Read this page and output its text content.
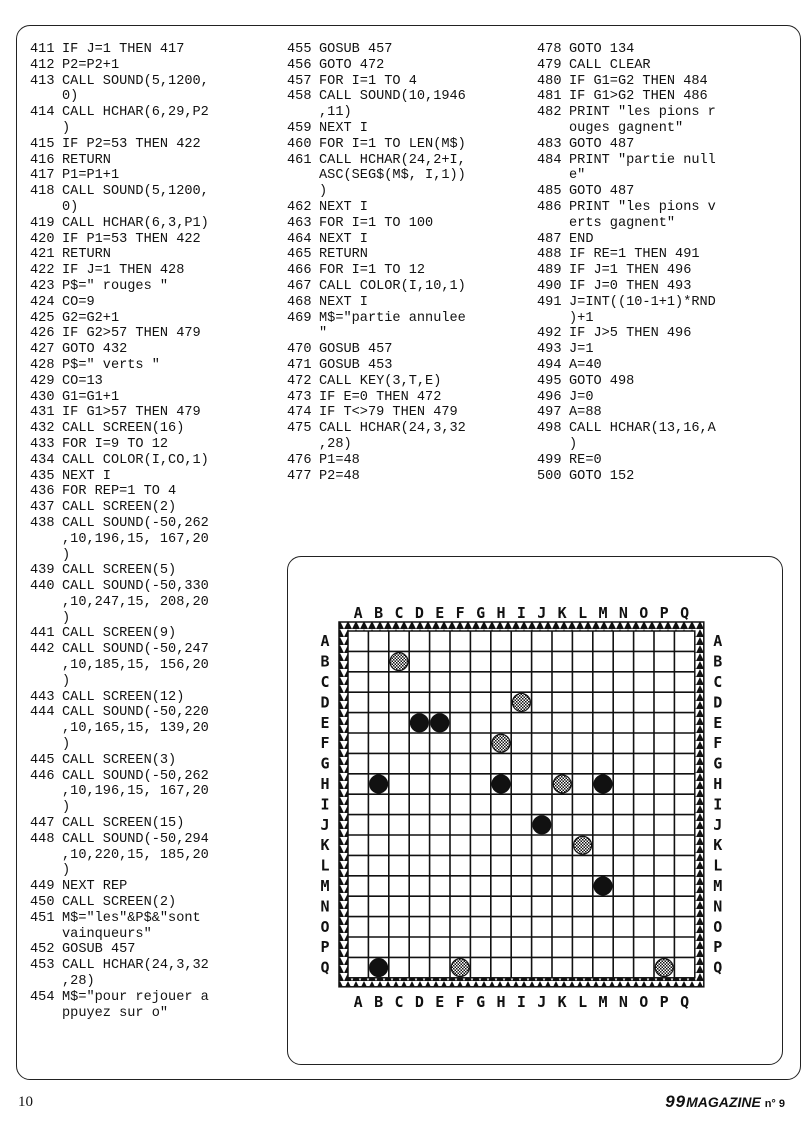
411 IF J=1 THEN 417
412 P2=P2+1
413 CALL SOUND(5,1200,
0)
414 CALL HCHAR(6,29,P2
)
415 IF P2=53 THEN 422
416 RETURN
417 P1=P1+1
418 CALL SOUND(5,1200,
0)
419 CALL HCHAR(6,3,P1)
420 IF P1=53 THEN 422
421 RETURN
422 IF J=1 THEN 428
423 P$=" rouges "
424 CO=9
425 G2=G2+1
426 IF G2>57 THEN 479
427 GOTO 432
428 P$=" verts "
429 CO=13
430 G1=G1+1
431 IF G1>57 THEN 479
432 CALL SCREEN(16)
433 FOR I=9 TO 12
434 CALL COLOR(I,CO,1)
435 NEXT I
436 FOR REP=1 TO 4
437 CALL SCREEN(2)
438 CALL SOUND(-50,262
,10,196,15, 167,20
)
439 CALL SCREEN(5)
440 CALL SOUND(-50,330
,10,247,15, 208,20
)
441 CALL SCREEN(9)
442 CALL SOUND(-50,247
,10,185,15, 156,20
)
443 CALL SCREEN(12)
444 CALL SOUND(-50,220
,10,165,15, 139,20
)
445 CALL SCREEN(3)
446 CALL SOUND(-50,262
,10,196,15, 167,20
)
447 CALL SCREEN(15)
448 CALL SOUND(-50,294
,10,220,15, 185,20
)
449 NEXT REP
450 CALL SCREEN(2)
451 M$="les"&P$&"sont
vainqueurs"
452 GOSUB 457
453 CALL HCHAR(24,3,32
,28)
454 M$="pour rejouer a
ppuyez sur o"
455 GOSUB 457
456 GOTO 472
457 FOR I=1 TO 4
458 CALL SOUND(10,1946
,11)
459 NEXT I
460 FOR I=1 TO LEN(M$)
461 CALL HCHAR(24,2+I,
ASC(SEG$(M$, I,1))
)
462 NEXT I
463 FOR I=1 TO 100
464 NEXT I
465 RETURN
466 FOR I=1 TO 12
467 CALL COLOR(I,10,1)
468 NEXT I
469 M$="partie annulee
"
470 GOSUB 457
471 GOSUB 453
472 CALL KEY(3,T,E)
473 IF E=0 THEN 472
474 IF T<>79 THEN 479
475 CALL HCHAR(24,3,32
,28)
476 P1=48
477 P2=48
478 GOTO 134
479 CALL CLEAR
480 IF G1=G2 THEN 484
481 IF G1>G2 THEN 486
482 PRINT "les pions r
ouges gagnent"
483 GOTO 487
484 PRINT "partie null
e"
485 GOTO 487
486 PRINT "les pions v
erts gagnent"
487 END
488 IF RE=1 THEN 491
489 IF J=1 THEN 496
490 IF J=0 THEN 493
491 J=INT((10-1+1)*RND
)+1
492 IF J>5 THEN 496
493 J=1
494 A=40
495 GOTO 498
496 J=0
497 A=88
498 CALL HCHAR(13,16,A
)
499 RE=0
500 GOTO 152
A
A
A	A
B
B
B	B
C
C
C	C
D
D
D	D
E
E
E	E
F
F
F	F
G
G
G	G
H
H
H	H
I
I
I	I
J
J
J	J
K
K
K	K
L
L
L	L
M
M
M	M
N
N
N	N
O
O
O	O
P
P
P	P
Q
Q
Q	Q
10	99MAGAZINE n° 9
